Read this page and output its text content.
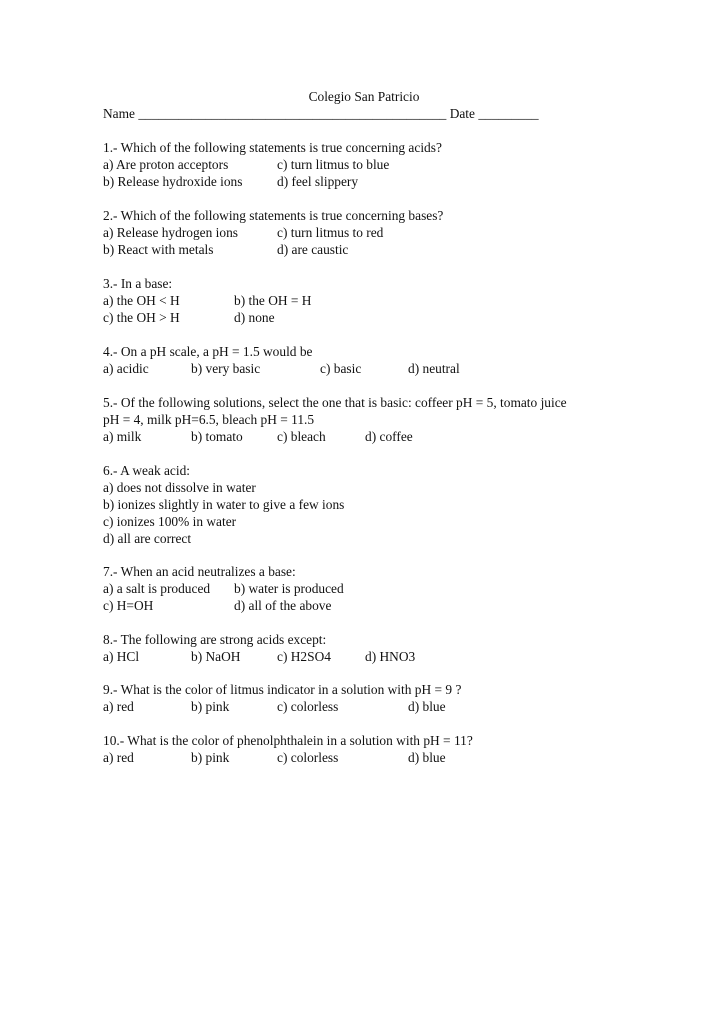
Colegio San Patricio
Name ______________________________________________ Date _________
1.- Which of the following statements is true concerning acids?
a) Are proton acceptors	c) turn litmus to blue
b) Release hydroxide ions	d) feel slippery
2.- Which of the following statements is true concerning bases?
a) Release hydrogen ions	c) turn litmus to red
b) React with metals	d) are caustic
3.- In a base:
a) the OH < H	b) the OH = H
c) the OH > H	d) none
4.- On a pH scale, a pH = 1.5 would be
a) acidic	b) very basic	c) basic	d) neutral
5.- Of the following solutions, select the one that is basic: coffeer pH = 5, tomato juice
pH = 4, milk pH=6.5, bleach pH = 11.5
a) milk	b) tomato	c) bleach	d) coffee
6.- A weak acid:
a) does not dissolve in water
b) ionizes slightly in water to give a few ions
c) ionizes 100% in water
d) all are correct
7.- When an acid neutralizes a base:
a) a salt is produced b) water is produced
c) H=OH	d) all of the above
8.- The following are strong acids except:
a) HCl	b) NaOH	c) H2SO4	d) HNO3
9.- What is the color of litmus indicator in a solution with pH = 9 ?
a) red	b) pink	c) colorless	d) blue
10.- What is the color of phenolphthalein in a solution with pH = 11?
a) red	b) pink	c) colorless	d) blue
